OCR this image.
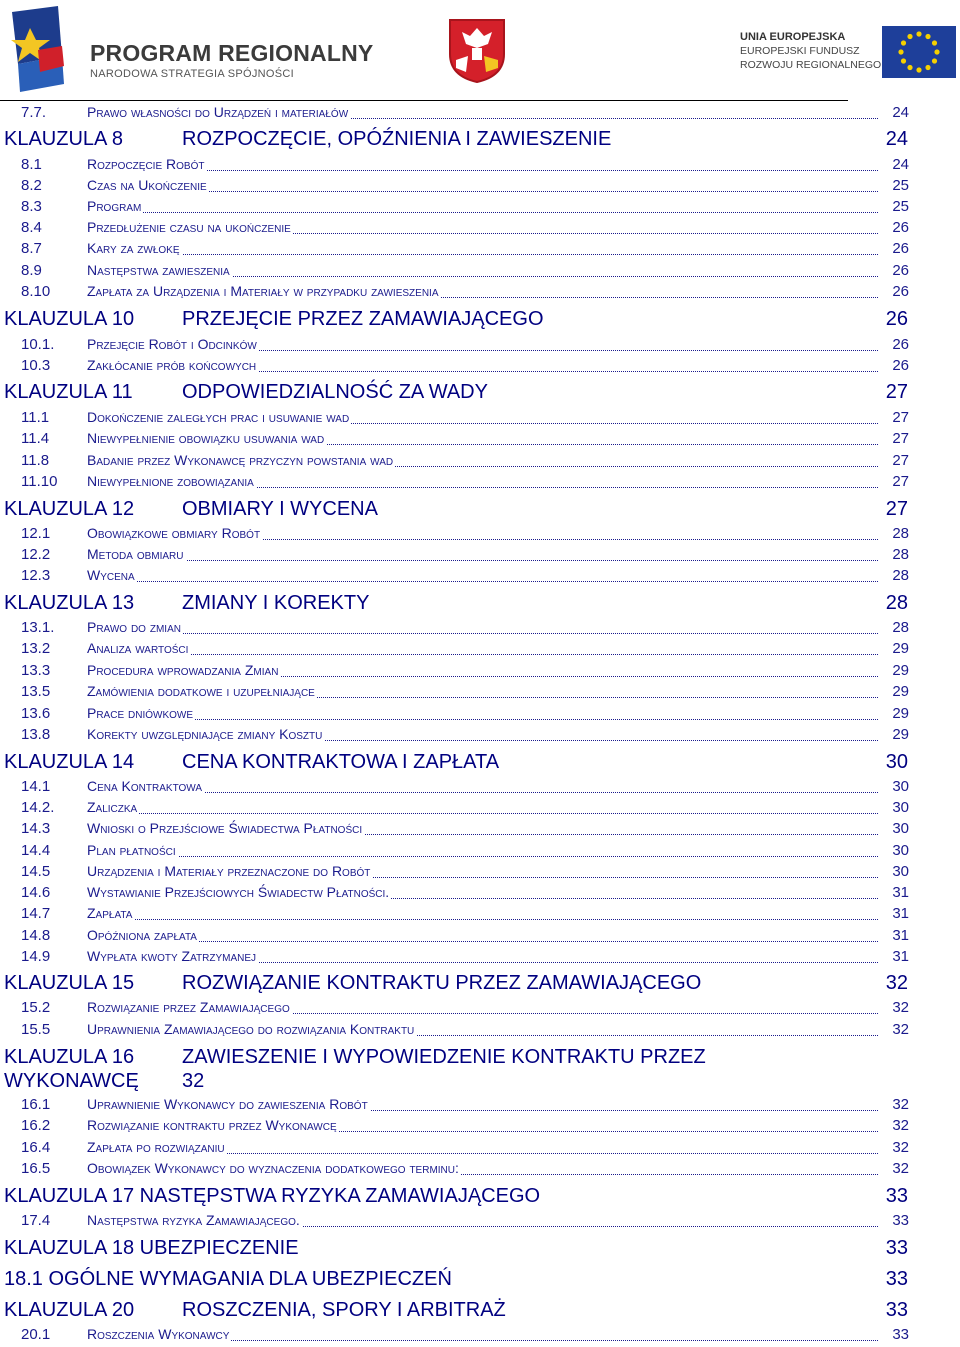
PROGRAM REGIONALNY
NARODOWA STRATEGIA SPÓJNOŚCI
UNIA EUROPEJSKA
EUROPEJSKI FUNDUSZ
ROZWOJU REGIONALNEGO
7.7.	Prawo własności do Urządzeń i materiałów	24
KLAUZULA 8	ROZPOCZĘCIE, OPÓŹNIENIA I ZAWIESZENIE	24
8.1	Rozpoczęcie Robót	24
8.2	Czas na Ukończenie	25
8.3	Program	25
8.4	Przedłużenie czasu na ukończenie	26
8.7	Kary za zwłokę	26
8.9	Następstwa zawieszenia	26
8.10	Zapłata za Urządzenia i Materiały w przypadku zawieszenia	26
KLAUZULA 10 PRZEJĘCIE PRZEZ ZAMAWIAJĄCEGO	26
10.1. Przejęcie Robót i Odcinków	26
10.3	Zakłócanie prób końcowych	26
KLAUZULA 11 ODPOWIEDZIALNOŚĆ ZA WADY	27
11.1	Dokończenie zaległych prac i usuwanie wad	27
11.4	Niewypełnienie obowiązku usuwania wad	27
11.8	Badanie przez Wykonawcę przyczyn powstania wad	27
11.10 Niewypełnione zobowiązania	27
KLAUZULA 12 OBMIARY I WYCENA	27
12.1	Obowiązkowe obmiary Robót	28
12.2	Metoda obmiaru	28
12.3	Wycena	28
KLAUZULA 13 ZMIANY I KOREKTY	28
13.1. Prawo do zmian	28
13.2	Analiza wartości	29
13.3	Procedura wprowadzania Zmian	29
13.5	Zamówienia dodatkowe i uzupełniające	29
13.6	Prace dniówkowe	29
13.8	Korekty uwzględniające zmiany Kosztu	29
KLAUZULA 14 CENA KONTRAKTOWA I ZAPŁATA	30
14.1	Cena Kontraktowa	30
14.2. Zaliczka	30
14.3	Wnioski o Przejściowe Świadectwa Płatności	30
14.4	Plan płatności	30
14.5	Urządzenia i Materiały przeznaczone do Robót	30
14.6	Wystawianie Przejściowych Świadectw Płatności.	31
14.7	Zapłata	31
14.8	Opóźniona zapłata	31
14.9	Wypłata kwoty Zatrzymanej	31
KLAUZULA 15 ROZWIĄZANIE KONTRAKTU PRZEZ ZAMAWIAJĄCEGO	32
15.2	Rozwiązanie przez Zamawiającego	32
15.5	Uprawnienia Zamawiającego do rozwiązania Kontraktu	32
KLAUZULA 16 ZAWIESZENIE I WYPOWIEDZENIE KONTRAKTU PRZEZ
WYKONAWCĘ 32
16.1	Uprawnienie Wykonawcy do zawieszenia Robót	32
16.2	Rozwiązanie kontraktu przez Wykonawcę	32
16.4	Zapłata po rozwiązaniu	32
16.5	Obowiązek Wykonawcy do wyznaczenia dodatkowego terminu:	32
KLAUZULA 17 NASTĘPSTWA RYZYKA ZAMAWIAJĄCEGO	33
17.4	Następstwa ryzyka Zamawiającego.	33
KLAUZULA 18 UBEZPIECZENIE	33
18.1 OGÓLNE WYMAGANIA DLA UBEZPIECZEŃ	33
KLAUZULA 20 ROSZCZENIA, SPORY I ARBITRAŻ	33
20.1	Roszczenia Wykonawcy	33
